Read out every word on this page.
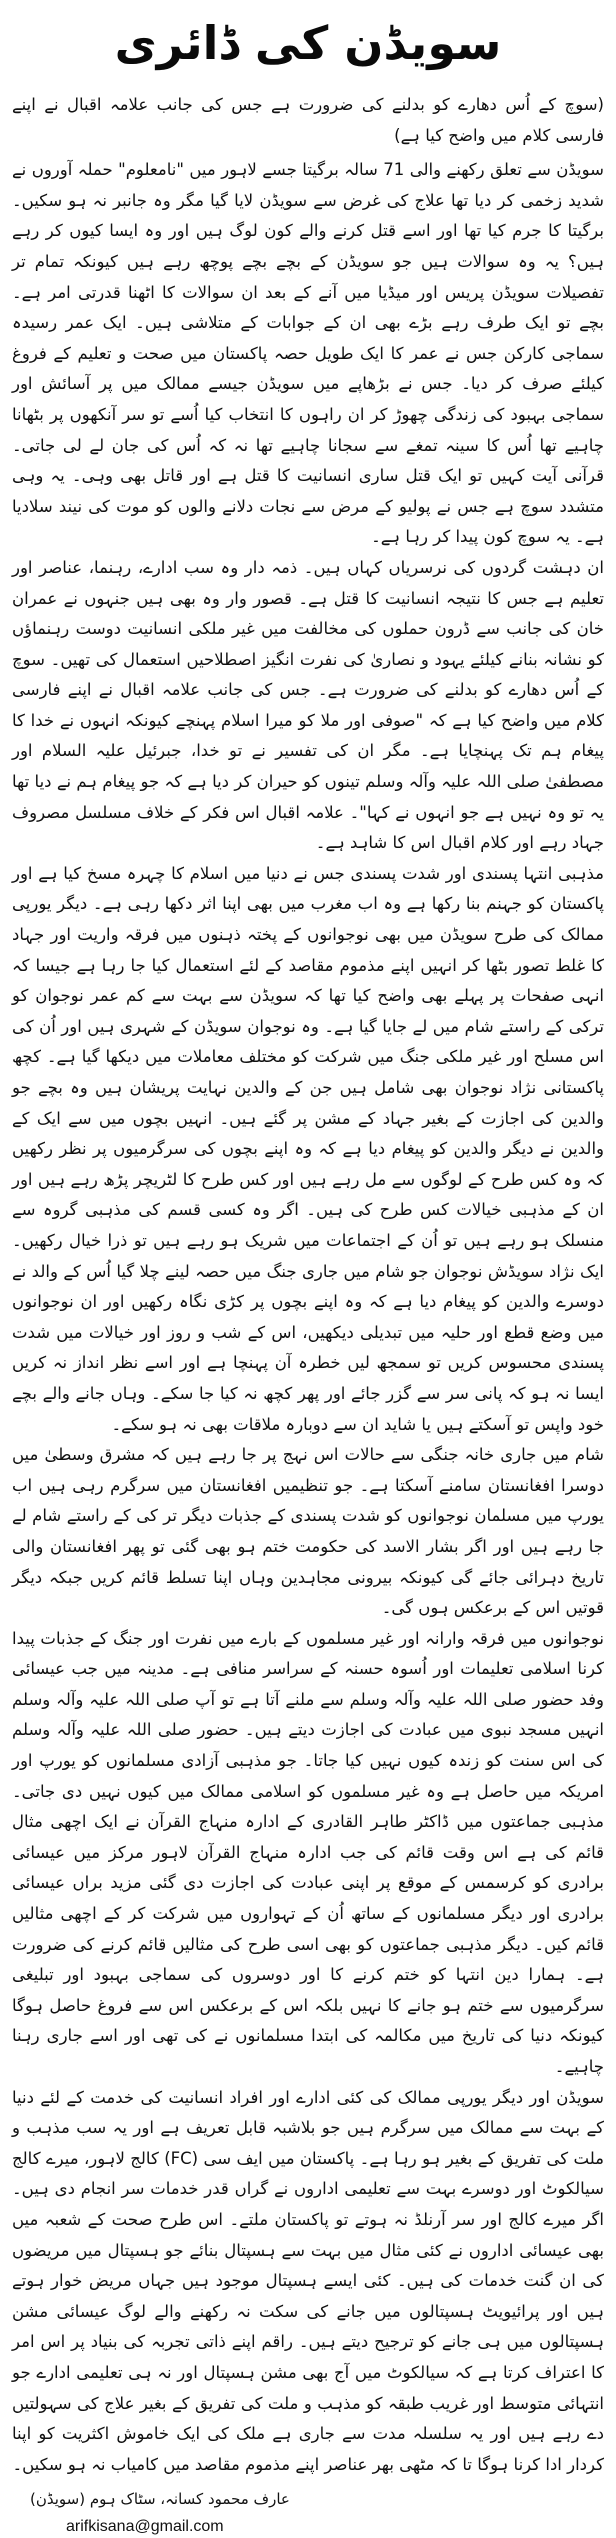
سویڈن کی ڈائری
(سوچ کے اُس دھارے کو بدلنے کی ضرورت ہے جس کی جانب علامہ اقبال نے اپنے فارسی کلام میں واضح کیا ہے)
سویڈن سے تعلق رکھنے والی 71 سالہ برگیتا جسے لاہور میں "نامعلوم" حملہ آوروں نے شدید زخمی کر دیا تھا علاج کی غرض سے سویڈن لایا گیا مگر وہ جانبر نہ ہو سکیں۔ برگیتا کا جرم کیا تھا اور اسے قتل کرنے والے کون لوگ ہیں اور وہ ایسا کیوں کر رہے ہیں؟ یہ وہ سوالات ہیں جو سویڈن کے بچے بچے پوچھ رہے ہیں کیونکہ تمام تر تفصیلات سویڈن پریس اور میڈیا میں آنے کے بعد ان سوالات کا اٹھنا قدرتی امر ہے۔ بچے تو ایک طرف رہے بڑے بھی ان کے جوابات کے متلاشی ہیں۔ ایک عمر رسیدہ سماجی کارکن جس نے عمر کا ایک طویل حصہ پاکستان میں صحت و تعلیم کے فروغ کیلئے صرف کر دیا۔ جس نے بڑھاپے میں سویڈن جیسے ممالک میں پر آسائش اور سماجی بہبود کی زندگی چھوڑ کر ان راہوں کا انتخاب کیا اُسے تو سر آنکھوں پر بٹھانا چاہیے تھا اُس کا سینہ تمغے سے سجانا چاہیے تھا نہ کہ اُس کی جان لے لی جاتی۔ قرآنی آیت کہیں تو ایک قتل ساری انسانیت کا قتل ہے اور قاتل بھی وہی۔ یہ وہی متشدد سوچ ہے جس نے پولیو کے مرض سے نجات دلانے والوں کو موت کی نیند سلادیا ہے۔ یہ سوچ کون پیدا کر رہا ہے۔
ان دہشت گردوں کی نرسریاں کہاں ہیں۔ ذمہ دار وہ سب ادارے، رہنما، عناصر اور تعلیم ہے جس کا نتیجہ انسانیت کا قتل ہے۔ قصور وار وہ بھی ہیں جنہوں نے عمران خان کی جانب سے ڈرون حملوں کی مخالفت میں غیر ملکی انسانیت دوست رہنماؤں کو نشانہ بنانے کیلئے یہود و نصاریٰ کی نفرت انگیز اصطلاحیں استعمال کی تھیں۔ سوچ کے اُس دھارے کو بدلنے کی ضرورت ہے۔ جس کی جانب علامہ اقبال نے اپنے فارسی کلام میں واضح کیا ہے کہ "صوفی اور ملا کو میرا اسلام پہنچے کیونکہ انہوں نے خدا کا پیغام ہم تک پہنچایا ہے۔ مگر ان کی تفسیر نے تو خدا، جبرئیل علیہ السلام اور مصطفیٰ صلی اللہ علیہ وآلہ وسلم تینوں کو حیران کر دیا ہے کہ جو پیغام ہم نے دیا تھا یہ تو وہ نہیں ہے جو انہوں نے کہا"۔ علامہ اقبال اس فکر کے خلاف مسلسل مصروف جہاد رہے اور کلام اقبال اس کا شاہد ہے۔
مذہبی انتہا پسندی اور شدت پسندی جس نے دنیا میں اسلام کا چہرہ مسخ کیا ہے اور پاکستان کو جہنم بنا رکھا ہے وہ اب مغرب میں بھی اپنا اثر دکھا رہی ہے۔ دیگر یورپی ممالک کی طرح سویڈن میں بھی نوجوانوں کے پختہ ذہنوں میں فرقہ واریت اور جہاد کا غلط تصور بٹھا کر انہیں اپنے مذموم مقاصد کے لئے استعمال کیا جا رہا ہے جیسا کہ انہی صفحات پر پہلے بھی واضح کیا تھا کہ سویڈن سے بہت سے کم عمر نوجوان کو ترکی کے راستے شام میں لے جایا گیا ہے۔ وہ نوجوان سویڈن کے شہری ہیں اور اُن کی اس مسلح اور غیر ملکی جنگ میں شرکت کو مختلف معاملات میں دیکھا گیا ہے۔ کچھ پاکستانی نژاد نوجوان بھی شامل ہیں جن کے والدین نہایت پریشان ہیں وہ بچے جو والدین کی اجازت کے بغیر جہاد کے مشن پر گئے ہیں۔ انہیں بچوں میں سے ایک کے والدین نے دیگر والدین کو پیغام دیا ہے کہ وہ اپنے بچوں کی سرگرمیوں پر نظر رکھیں کہ وہ کس طرح کے لوگوں سے مل رہے ہیں اور کس طرح کا لٹریچر پڑھ رہے ہیں اور ان کے مذہبی خیالات کس طرح کی ہیں۔ اگر وہ کسی قسم کی مذہبی گروہ سے منسلک ہو رہے ہیں تو اُن کے اجتماعات میں شریک ہو رہے ہیں تو ذرا خیال رکھیں۔ ایک نژاد سویڈش نوجوان جو شام میں جاری جنگ میں حصہ لینے چلا گیا اُس کے والد نے دوسرے والدین کو پیغام دیا ہے کہ وہ اپنے بچوں پر کڑی نگاہ رکھیں اور ان نوجوانوں میں وضع قطع اور حلیہ میں تبدیلی دیکھیں، اس کے شب و روز اور خیالات میں شدت پسندی محسوس کریں تو سمجھ لیں خطرہ آن پہنچا ہے اور اسے نظر انداز نہ کریں ایسا نہ ہو کہ پانی سر سے گزر جائے اور پھر کچھ نہ کیا جا سکے۔ وہاں جانے والے بچے خود واپس تو آسکتے ہیں یا شاید ان سے دوبارہ ملاقات بھی نہ ہو سکے۔
شام میں جاری خانہ جنگی سے حالات اس نہج پر جا رہے ہیں کہ مشرق وسطیٰ میں دوسرا افغانستان سامنے آسکتا ہے۔ جو تنظیمیں افغانستان میں سرگرم رہی ہیں اب یورپ میں مسلمان نوجوانوں کو شدت پسندی کے جذبات دیگر تر کی کے راستے شام لے جا رہے ہیں اور اگر بشار الاسد کی حکومت ختم ہو بھی گئی تو پھر افغانستان والی تاریخ دہرائی جائے گی کیونکہ بیرونی مجاہدین وہاں اپنا تسلط قائم کریں جبکہ دیگر قوتیں اس کے برعکس ہوں گی۔
نوجوانوں میں فرقہ وارانہ اور غیر مسلموں کے بارے میں نفرت اور جنگ کے جذبات پیدا کرنا اسلامی تعلیمات اور اُسوہ حسنہ کے سراسر منافی ہے۔ مدینہ میں جب عیسائی وفد حضور صلی اللہ علیہ وآلہ وسلم سے ملنے آتا ہے تو آپ صلی اللہ علیہ وآلہ وسلم انہیں مسجد نبوی میں عبادت کی اجازت دیتے ہیں۔ حضور صلی اللہ علیہ وآلہ وسلم کی اس سنت کو زندہ کیوں نہیں کیا جاتا۔ جو مذہبی آزادی مسلمانوں کو یورپ اور امریکہ میں حاصل ہے وہ غیر مسلموں کو اسلامی ممالک میں کیوں نہیں دی جاتی۔ مذہبی جماعتوں میں ڈاکٹر طاہر القادری کے ادارہ منہاج القرآن نے ایک اچھی مثال قائم کی ہے اس وقت قائم کی جب ادارہ منہاج القرآن لاہور مرکز میں عیسائی برادری کو کرسمس کے موقع پر اپنی عبادت کی اجازت دی گئی مزید براں عیسائی برادری اور دیگر مسلمانوں کے ساتھ اُن کے تہواروں میں شرکت کر کے اچھی مثالیں قائم کیں۔ دیگر مذہبی جماعتوں کو بھی اسی طرح کی مثالیں قائم کرنے کی ضرورت ہے۔ ہمارا دین انتہا کو ختم کرنے کا اور دوسروں کی سماجی بہبود اور تبلیغی سرگرمیوں سے ختم ہو جانے کا نہیں بلکہ اس کے برعکس اس سے فروغ حاصل ہوگا کیونکہ دنیا کی تاریخ میں مکالمہ کی ابتدا مسلمانوں نے کی تھی اور اسے جاری رہنا چاہیے۔
سویڈن اور دیگر یورپی ممالک کی کئی ادارے اور افراد انسانیت کی خدمت کے لئے دنیا کے بہت سے ممالک میں سرگرم ہیں جو بلاشبہ قابل تعریف ہے اور یہ سب مذہب و ملت کی تفریق کے بغیر ہو رہا ہے۔ پاکستان میں ایف سی (FC) کالج لاہور، میرے کالج سیالکوٹ اور دوسرے بہت سے تعلیمی اداروں نے گراں قدر خدمات سر انجام دی ہیں۔ اگر میرے کالج اور سر آرنلڈ نہ ہوتے تو پاکستان ملتے۔ اس طرح صحت کے شعبہ میں بھی عیسائی اداروں نے کئی مثال میں بہت سے ہسپتال بنائے جو ہسپتال میں مریضوں کی ان گنت خدمات کی ہیں۔ کئی ایسے ہسپتال موجود ہیں جہاں مریض خوار ہوتے ہیں اور پرائیویٹ ہسپتالوں میں جانے کی سکت نہ رکھنے والے لوگ عیسائی مشن ہسپتالوں میں ہی جانے کو ترجیح دیتے ہیں۔ راقم اپنے ذاتی تجربہ کی بنیاد پر اس امر کا اعتراف کرتا ہے کہ سیالکوٹ میں آج بھی مشن ہسپتال اور نہ ہی تعلیمی ادارے جو انتہائی متوسط اور غریب طبقہ کو مذہب و ملت کی تفریق کے بغیر علاج کی سہولتیں دے رہے ہیں اور یہ سلسلہ مدت سے جاری ہے ملک کی ایک خاموش اکثریت کو اپنا کردار ادا کرنا ہوگا تا کہ مٹھی بھر عناصر اپنے مذموم مقاصد میں کامیاب نہ ہو سکیں۔
عارف محمود کسانہ، سٹاک ہوم (سویڈن)
arifkisana@gmail.com
